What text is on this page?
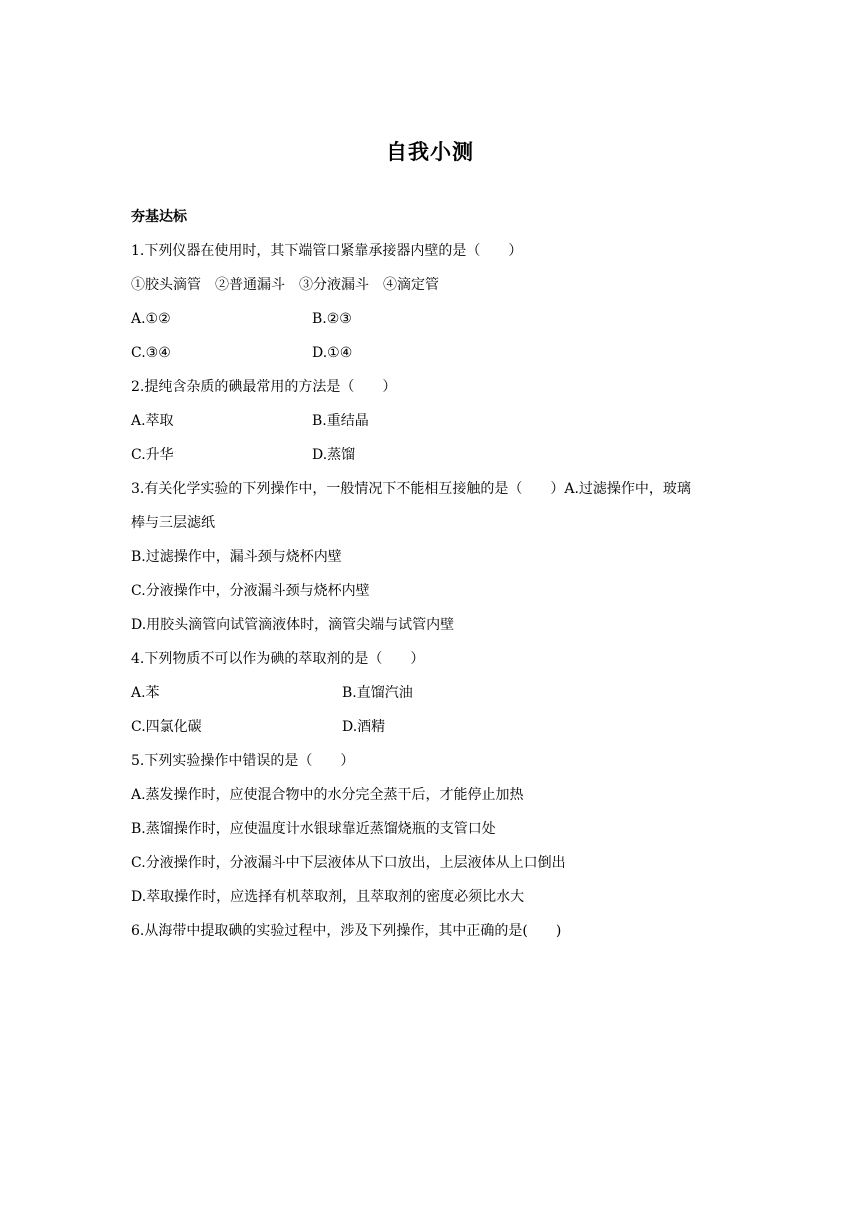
自我小测
夯基达标
1.下列仪器在使用时，其下端管口紧靠承接器内壁的是（　　）
①胶头滴管　②普通漏斗　③分液漏斗　④滴定管
A.①②	B.②③
C.③④	D.①④
2.提纯含杂质的碘最常用的方法是（　　）
A.萃取	B.重结晶
C.升华	D.蒸馏
3.有关化学实验的下列操作中，一般情况下不能相互接触的是（　　）A.过滤操作中，玻璃
棒与三层滤纸
B.过滤操作中，漏斗颈与烧杯内壁
C.分液操作中，分液漏斗颈与烧杯内壁
D.用胶头滴管向试管滴液体时，滴管尖端与试管内壁
4.下列物质不可以作为碘的萃取剂的是（　　）
A.苯	B.直馏汽油
C.四氯化碳	D.酒精
5.下列实验操作中错误的是（　　）
A.蒸发操作时，应使混合物中的水分完全蒸干后，才能停止加热
B.蒸馏操作时，应使温度计水银球靠近蒸馏烧瓶的支管口处
C.分液操作时，分液漏斗中下层液体从下口放出，上层液体从上口倒出
D.萃取操作时，应选择有机萃取剂，且萃取剂的密度必须比水大
6.从海带中提取碘的实验过程中，涉及下列操作，其中正确的是(　　)
